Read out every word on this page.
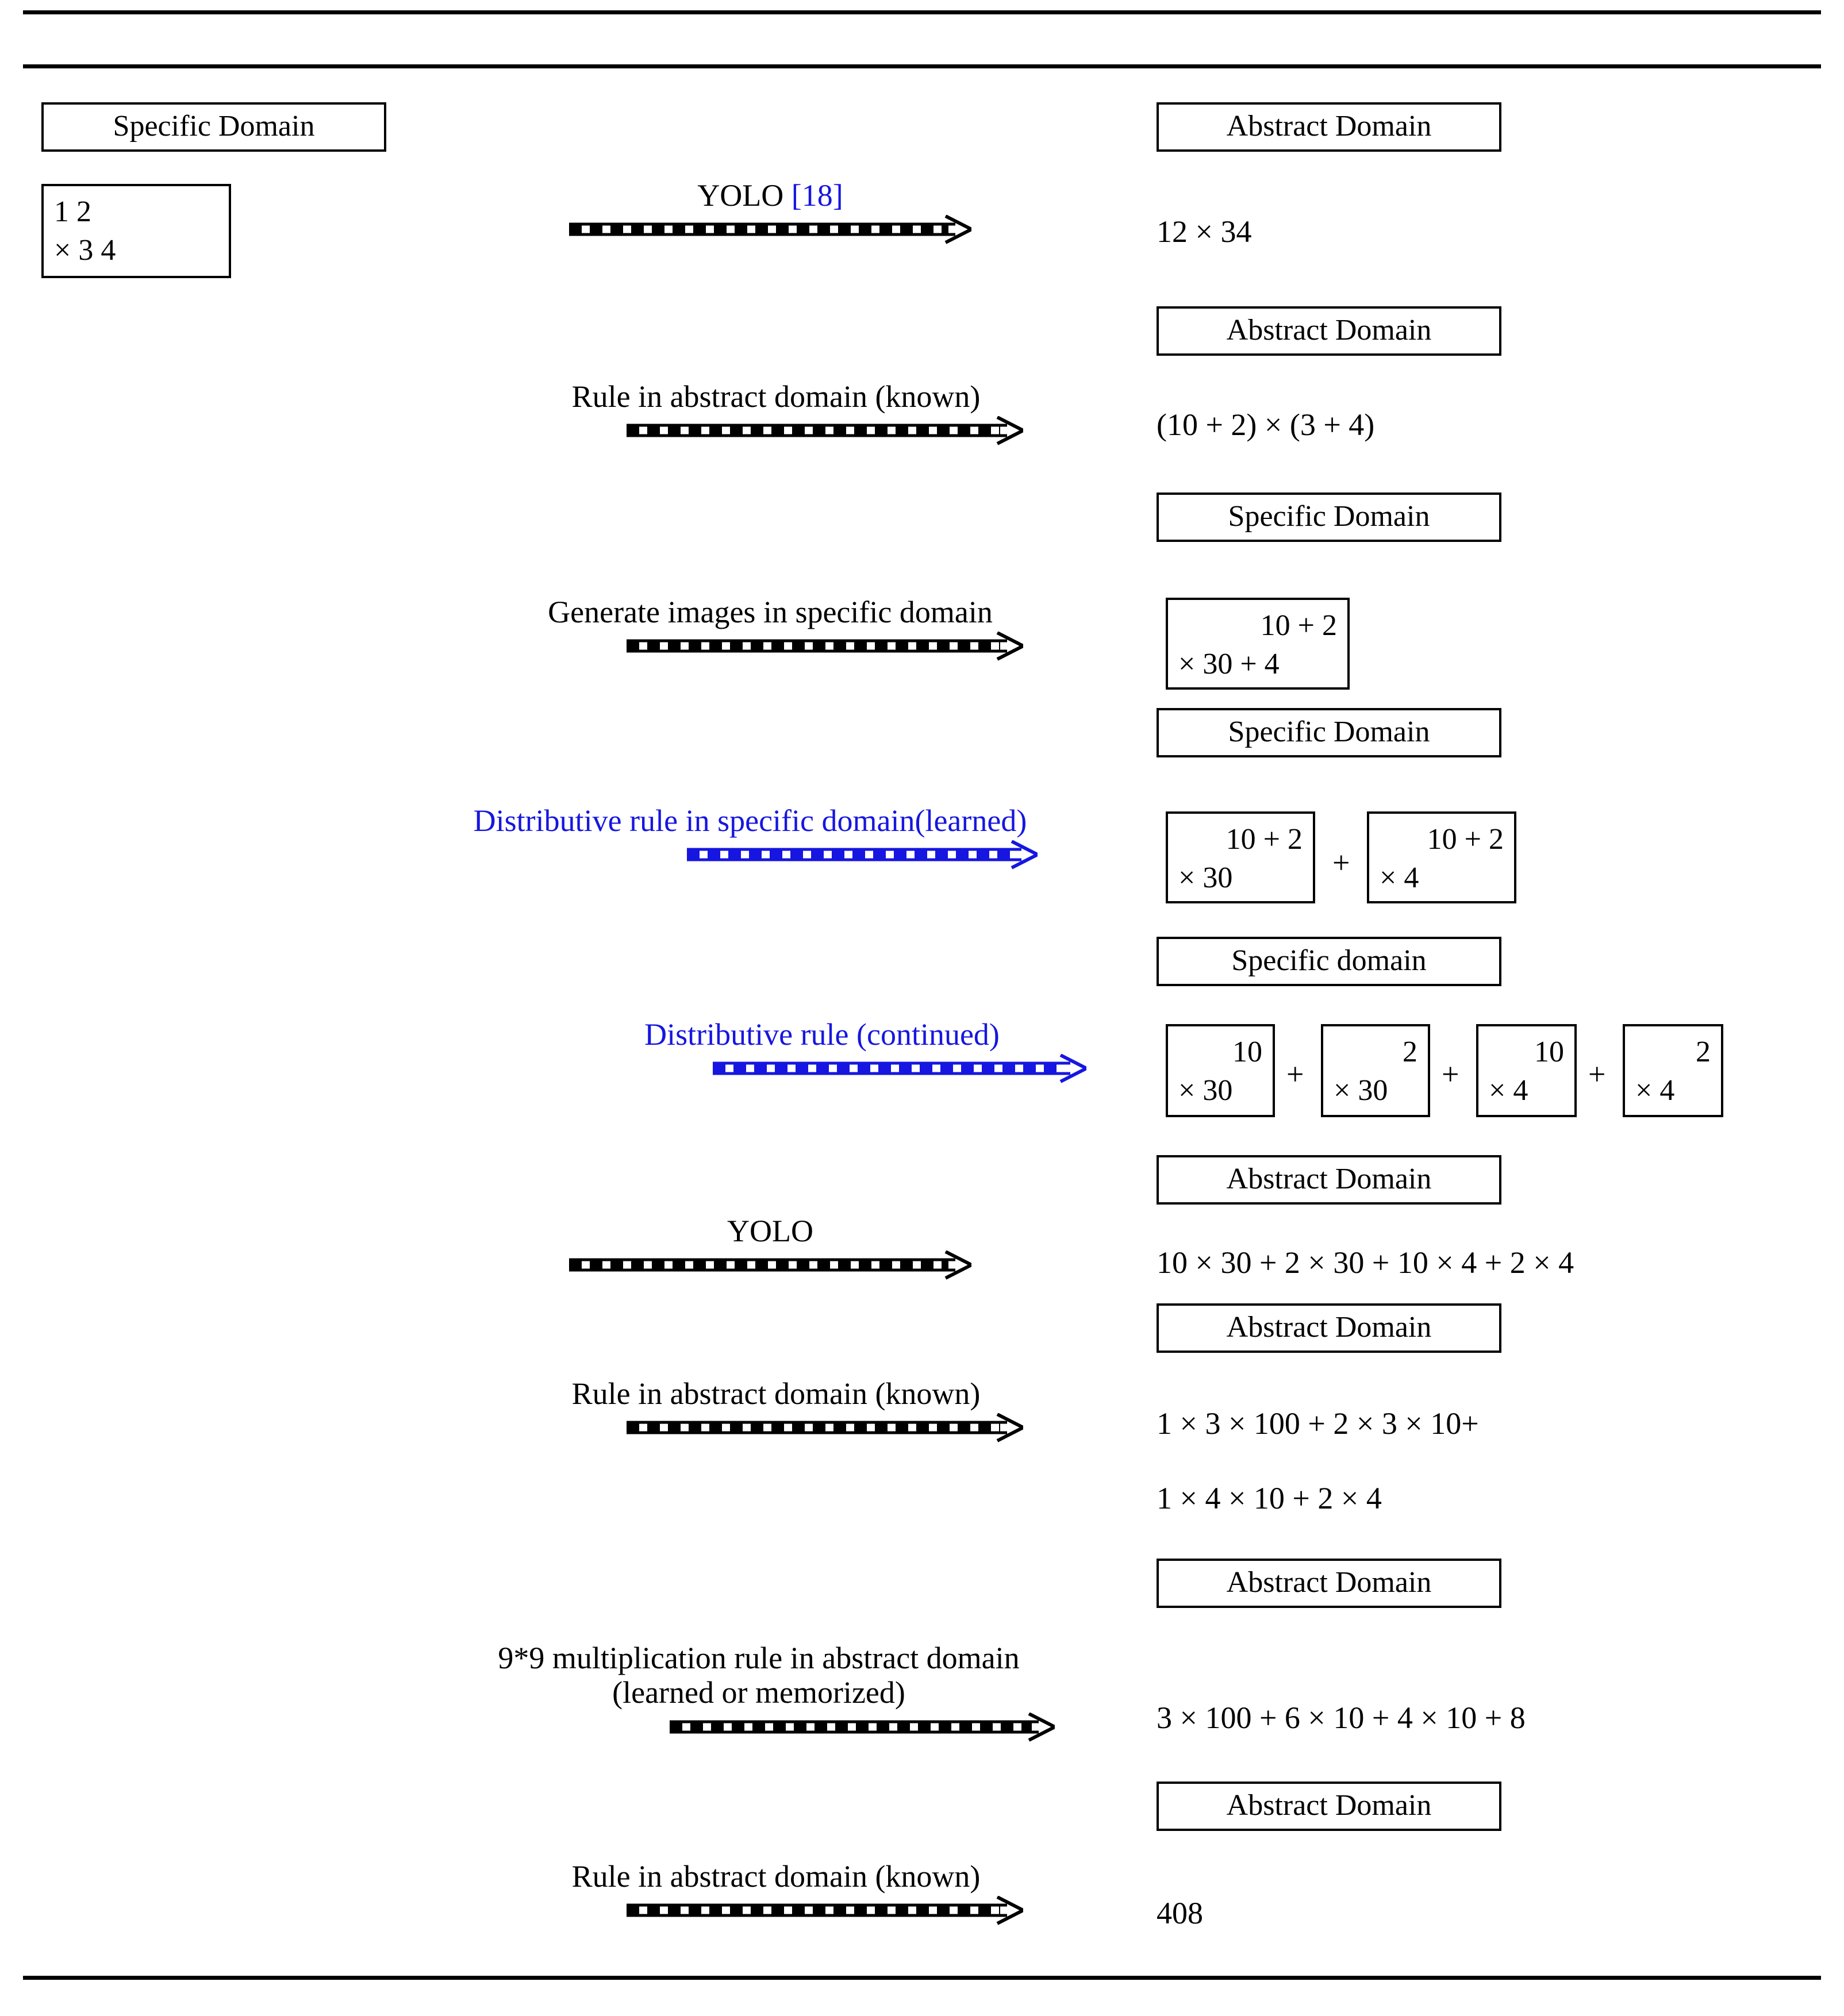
Specific Domain
1 2
× 3 4
YOLO [18]
Abstract Domain
12 × 34
Rule in abstract domain (known)
Abstract Domain
(10 + 2) × (3 + 4)
Generate images in specific domain
Specific Domain
10 + 2
× 30 + 4
Distributive rule in specific domain(learned)
Specific Domain
10 + 2
× 30	+
10 + 2
× 4
Distributive rule (continued)
Specific domain
10
× 30	+
2
× 30	+
10
× 4	+
2
× 4
YOLO
Abstract Domain
10 × 30 + 2 × 30 + 10 × 4 + 2 × 4
Rule in abstract domain (known)
Abstract Domain
1 × 3 × 100 + 2 × 3 × 10+
1 × 4 × 10 + 2 × 4
9*9 multiplication rule in abstract domain
(learned or memorized)
Abstract Domain
3 × 100 + 6 × 10 + 4 × 10 + 8
Rule in abstract domain (known)
Abstract Domain
408
